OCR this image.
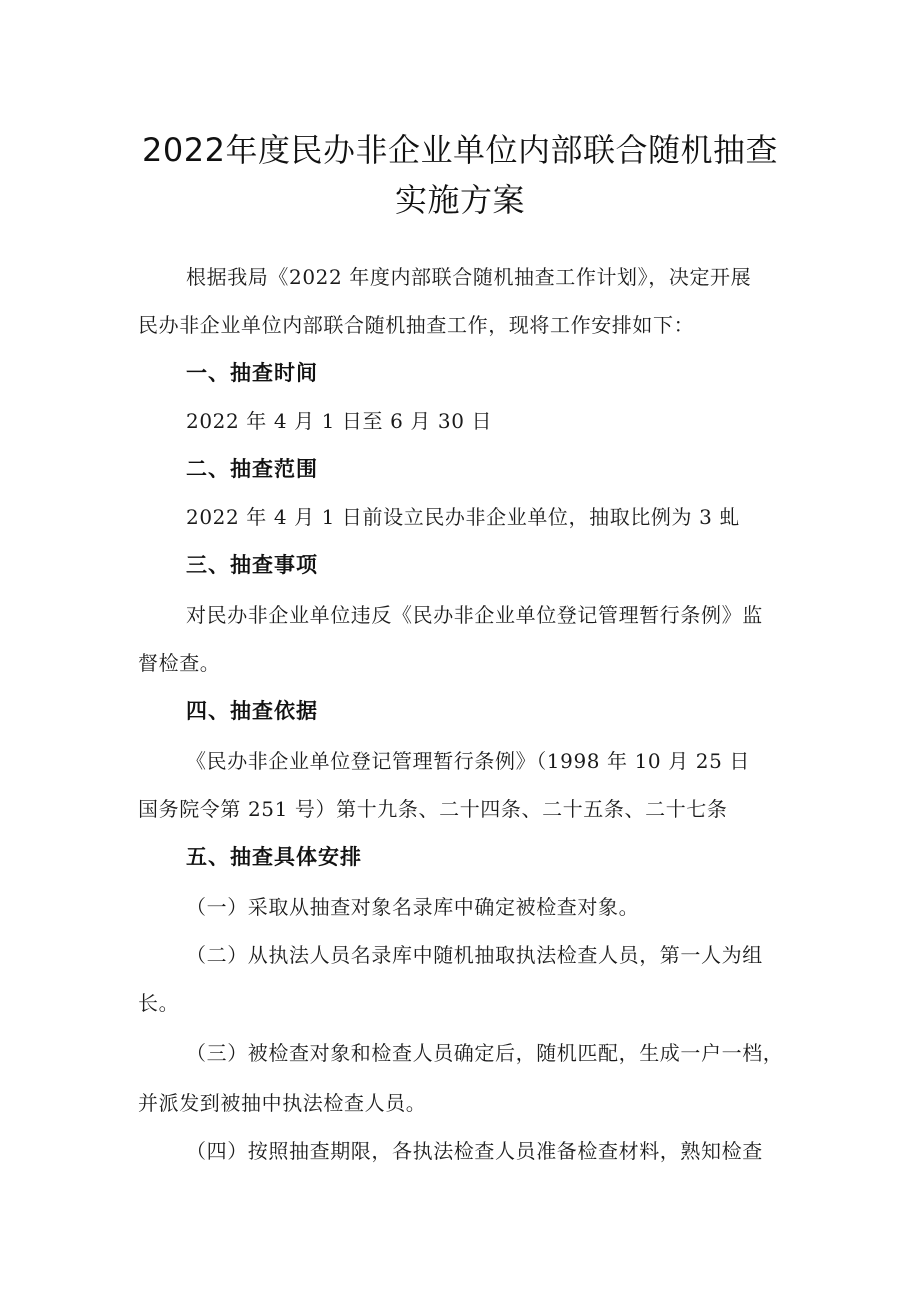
2022年度民办非企业单位内部联合随机抽查
实施方案
根据我局《2022 年度内部联合随机抽查工作计划》，决定开展
民办非企业单位内部联合随机抽查工作，现将工作安排如下：
一、抽查时间
2022 年 4 月 1 日至 6 月 30 日
二、抽查范围
2022 年 4 月 1 日前设立民办非企业单位，抽取比例为 3 虬
三、抽查事项
对民办非企业单位违反《民办非企业单位登记管理暂行条例》监
督检查。
四、抽查依据
《民办非企业单位登记管理暂行条例》（1998 年 10 月 25 日
国务院令第 251 号）第十九条、二十四条、二十五条、二十七条
五、抽查具体安排
（一）采取从抽查对象名录库中确定被检查对象。
（二）从执法人员名录库中随机抽取执法检查人员，第一人为组
长。
（三）被检查对象和检查人员确定后，随机匹配，生成一户一档，
并派发到被抽中执法检查人员。
（四）按照抽查期限，各执法检查人员准备检查材料，熟知检查
